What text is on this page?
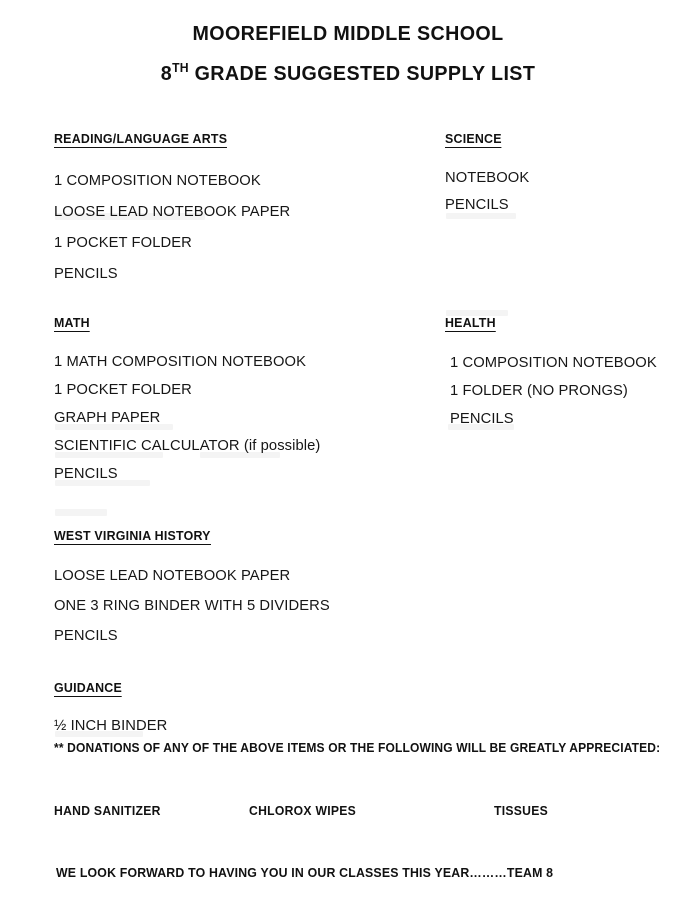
MOOREFIELD MIDDLE SCHOOL
8TH GRADE SUGGESTED SUPPLY LIST
READING/LANGUAGE ARTS
1 COMPOSITION NOTEBOOK
LOOSE LEAD NOTEBOOK PAPER
1 POCKET FOLDER
PENCILS
MATH
1 MATH COMPOSITION NOTEBOOK
1 POCKET FOLDER
GRAPH PAPER
SCIENTIFIC CALCULATOR (if possible)
PENCILS
WEST VIRGINIA HISTORY
LOOSE LEAD NOTEBOOK PAPER
ONE 3 RING BINDER WITH 5 DIVIDERS
PENCILS
GUIDANCE
½ INCH BINDER
SCIENCE
NOTEBOOK
PENCILS
HEALTH
1 COMPOSITION NOTEBOOK
1 FOLDER (NO PRONGS)
PENCILS
** DONATIONS OF ANY OF THE ABOVE ITEMS OR THE FOLLOWING WILL BE GREATLY APPRECIATED:
HAND SANITIZER	CHLOROX WIPES	TISSUES
WE LOOK FORWARD TO HAVING YOU IN OUR CLASSES THIS YEAR………TEAM 8
